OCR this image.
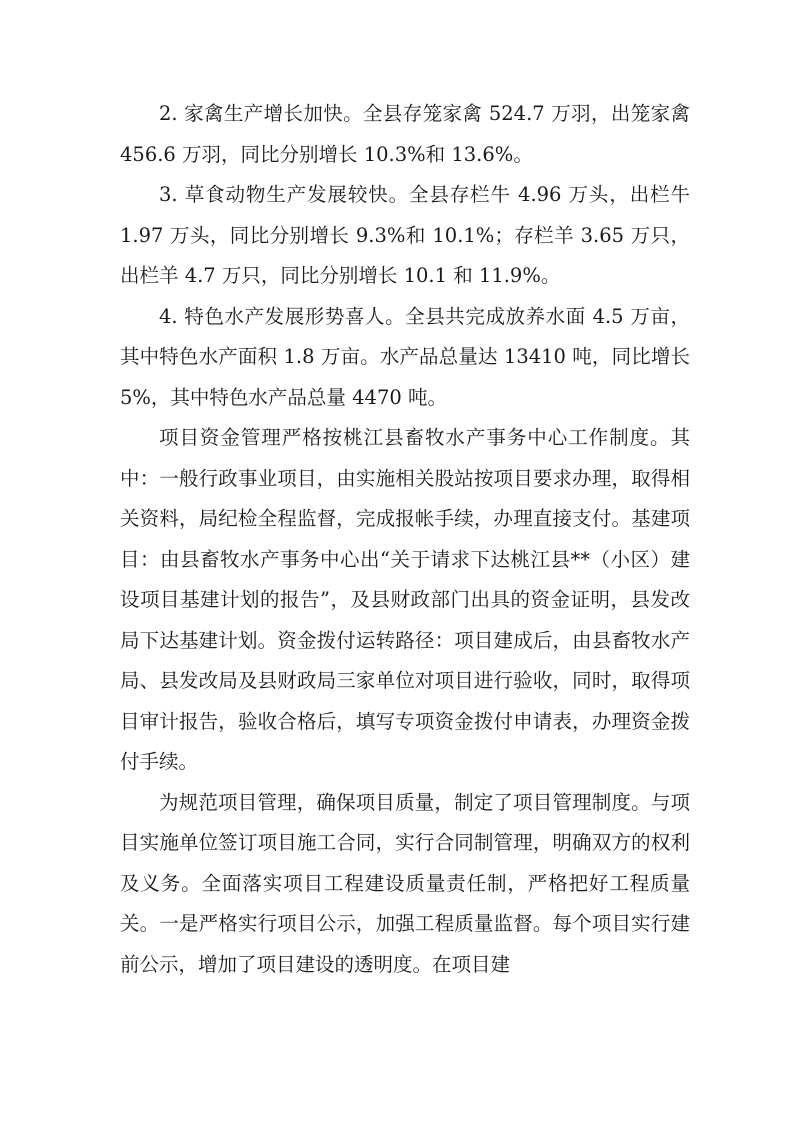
2. 家禽生产增长加快。全县存笼家禽 524.7 万羽，出笼家禽 456.6 万羽，同比分别增长 10.3%和 13.6%。

3. 草食动物生产发展较快。全县存栏牛 4.96 万头，出栏牛 1.97 万头，同比分别增长 9.3%和 10.1%；存栏羊 3.65 万只，出栏羊 4.7 万只，同比分别增长 10.1 和 11.9%。

4. 特色水产发展形势喜人。全县共完成放养水面 4.5 万亩，其中特色水产面积 1.8 万亩。水产品总量达 13410 吨，同比增长 5%，其中特色水产品总量 4470 吨。

项目资金管理严格按桃江县畜牧水产事务中心工作制度。其中：一般行政事业项目，由实施相关股站按项目要求办理，取得相关资料，局纪检全程监督，完成报帐手续，办理直接支付。基建项目：由县畜牧水产事务中心出“关于请求下达桃江县**（小区）建设项目基建计划的报告”，及县财政部门出具的资金证明，县发改局下达基建计划。资金拨付运转路径：项目建成后，由县畜牧水产局、县发改局及县财政局三家单位对项目进行验收，同时，取得项目审计报告，验收合格后，填写专项资金拨付申请表，办理资金拨付手续。

为规范项目管理，确保项目质量，制定了项目管理制度。与项目实施单位签订项目施工合同，实行合同制管理，明确双方的权利及义务。全面落实项目工程建设质量责任制，严格把好工程质量关。一是严格实行项目公示，加强工程质量监督。每个项目实行建前公示，增加了项目建设的透明度。在项目建
